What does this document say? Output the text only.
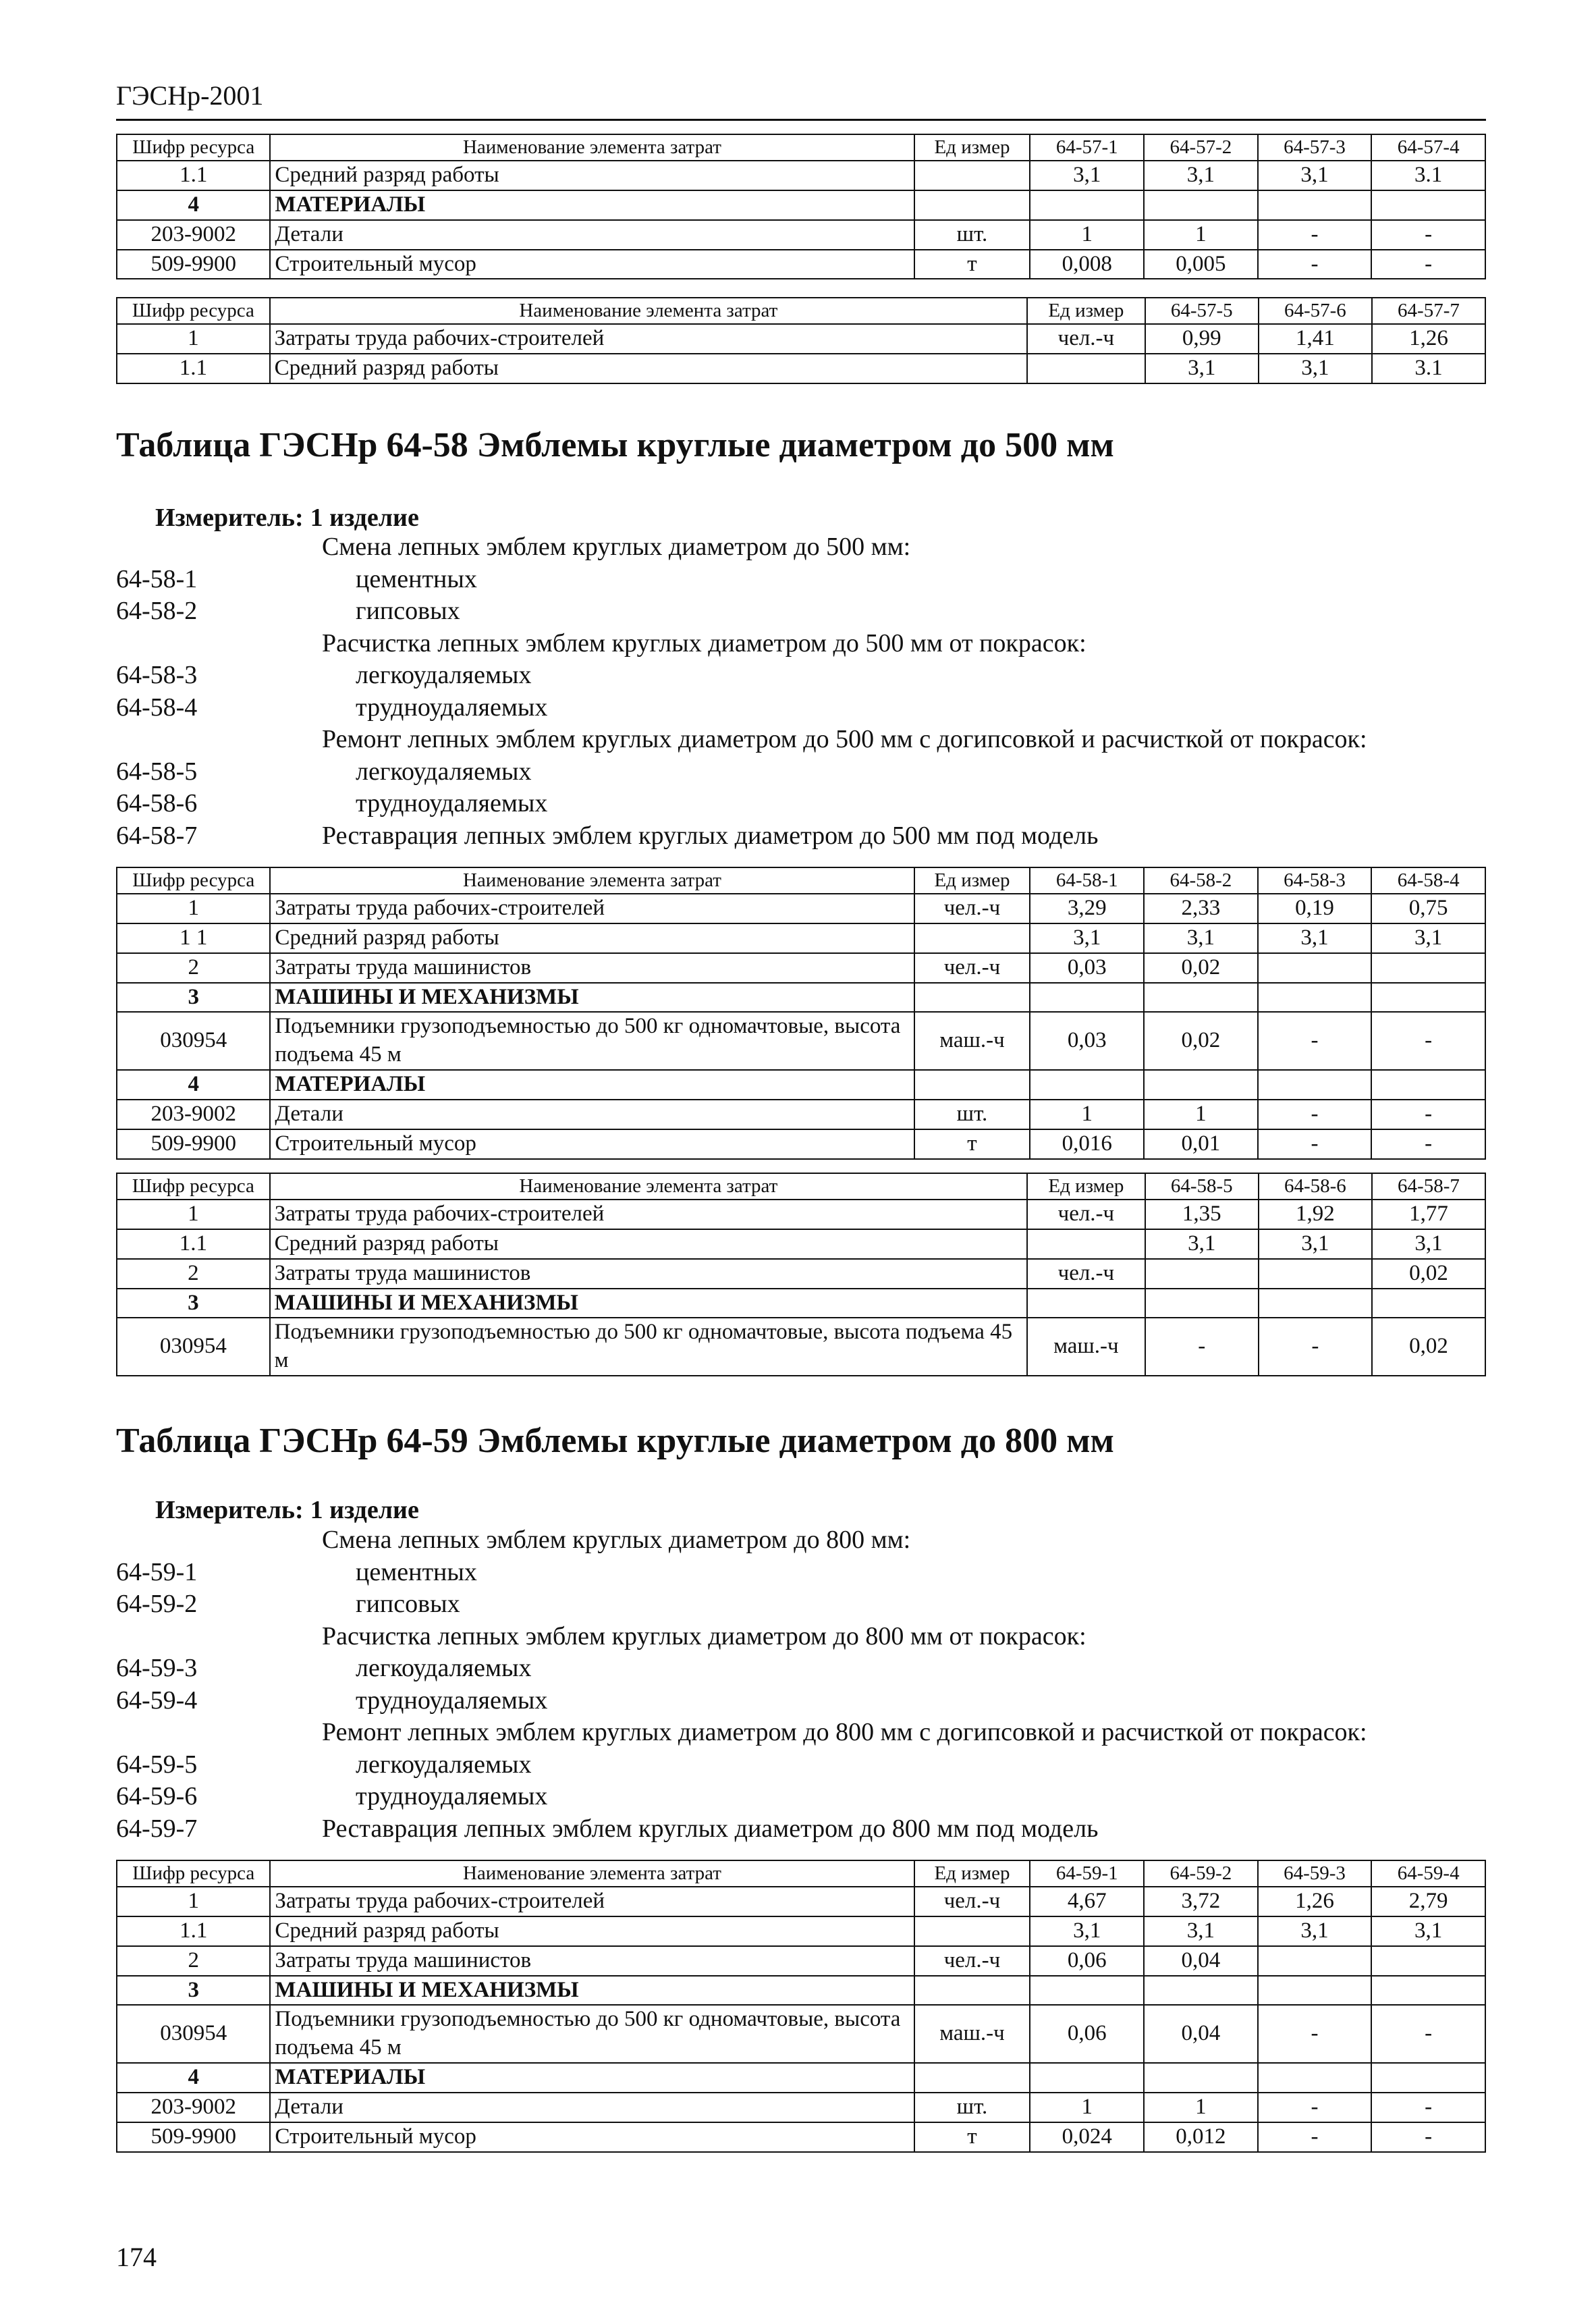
ГЭСНр-2001
Шифр ресурса	Наименование элемента затрат	Ед измер	64-57-1	64-57-2	64-57-3	64-57-4
1.1	Средний разряд работы		3,1	3,1	3,1	3.1
4	МАТЕРИАЛЫ					
203-9002	Детали	шт.	1	1	-	-
509-9900	Строительный мусор	т	0,008	0,005	-	-
Шифр ресурса	Наименование элемента затрат	Ед измер	64-57-5	64-57-6	64-57-7
1	Затраты труда рабочих-строителей	чел.-ч	0,99	1,41	1,26
1.1	Средний разряд работы		3,1	3,1	3.1
Таблица ГЭСНр 64-58 Эмблемы круглые диаметром до 500 мм
Измеритель: 1 изделие
Смена лепных эмблем круглых диаметром до 500 мм:
64-58-1	цементных
64-58-2	гипсовых
Расчистка лепных эмблем круглых диаметром до 500 мм от покрасок:
64-58-3	легкоудаляемых
64-58-4	трудноудаляемых
Ремонт лепных эмблем круглых диаметром до 500 мм с догипсовкой и расчисткой от покрасок:
64-58-5	легкоудаляемых
64-58-6	трудноудаляемых
64-58-7	Реставрация лепных эмблем круглых диаметром до 500 мм под модель
Шифр ресурса	Наименование элемента затрат	Ед измер	64-58-1	64-58-2	64-58-3	64-58-4
1	Затраты труда рабочих-строителей	чел.-ч	3,29	2,33	0,19	0,75
1 1	Средний разряд работы		3,1	3,1	3,1	3,1
2	Затраты труда машинистов	чел.-ч	0,03	0,02		
3	МАШИНЫ И МЕХАНИЗМЫ					
030954	Подъемники грузоподъемностью до 500 кг одномачтовые, высота подъема 45 м	маш.-ч	0,03	0,02	-	-
4	МАТЕРИАЛЫ					
203-9002	Детали	шт.	1	1	-	-
509-9900	Строительный мусор	т	0,016	0,01	-	-
Шифр ресурса	Наименование элемента затрат	Ед измер	64-58-5	64-58-6	64-58-7
1	Затраты труда рабочих-строителей	чел.-ч	1,35	1,92	1,77
1.1	Средний разряд работы		3,1	3,1	3,1
2	Затраты труда машинистов	чел.-ч			0,02
3	МАШИНЫ И МЕХАНИЗМЫ				
030954	Подъемники грузоподъемностью до 500 кг одномачтовые, высота подъема 45 м	маш.-ч	-	-	0,02
Таблица ГЭСНр 64-59 Эмблемы круглые диаметром до 800 мм
Измеритель: 1 изделие
Смена лепных эмблем круглых диаметром до 800 мм:
64-59-1	цементных
64-59-2	гипсовых
Расчистка лепных эмблем круглых диаметром до 800 мм от покрасок:
64-59-3	легкоудаляемых
64-59-4	трудноудаляемых
Ремонт лепных эмблем круглых диаметром до 800 мм с догипсовкой и расчисткой от покрасок:
64-59-5	легкоудаляемых
64-59-6	трудноудаляемых
64-59-7	Реставрация лепных эмблем круглых диаметром до 800 мм под модель
Шифр ресурса	Наименование элемента затрат	Ед измер	64-59-1	64-59-2	64-59-3	64-59-4
1	Затраты труда рабочих-строителей	чел.-ч	4,67	3,72	1,26	2,79
1.1	Средний разряд работы		3,1	3,1	3,1	3,1
2	Затраты труда машинистов	чел.-ч	0,06	0,04		
3	МАШИНЫ И МЕХАНИЗМЫ					
030954	Подъемники грузоподъемностью до 500 кг одномачтовые, высота подъема 45 м	маш.-ч	0,06	0,04	-	-
4	МАТЕРИАЛЫ					
203-9002	Детали	шт.	1	1	-	-
509-9900	Строительный мусор	т	0,024	0,012	-	-
174
